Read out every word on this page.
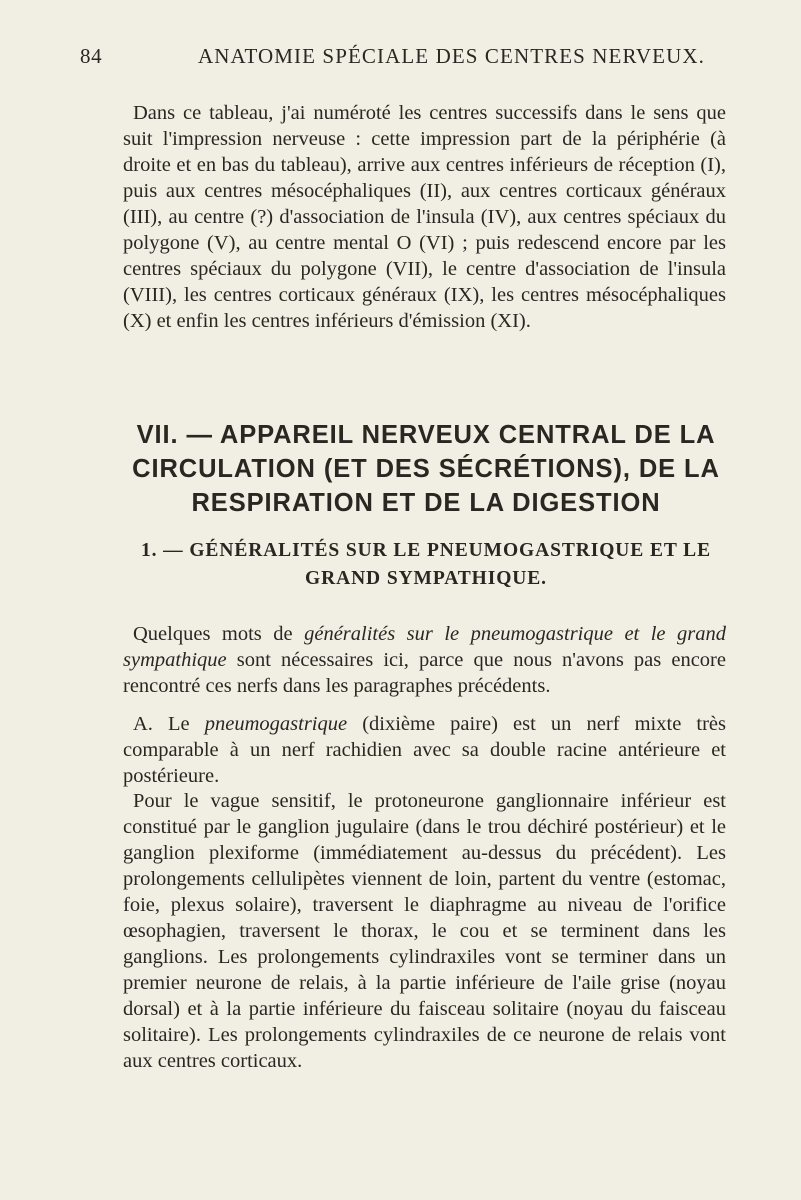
84	ANATOMIE SPÉCIALE DES CENTRES NERVEUX.

Dans ce tableau, j'ai numéroté les centres successifs dans le sens que suit l'impression nerveuse : cette impression part de la périphérie (à droite et en bas du tableau), arrive aux centres inférieurs de réception (I), puis aux centres mésocéphaliques (II), aux centres corticaux généraux (III), au centre (?) d'association de l'insula (IV), aux centres spéciaux du polygone (V), au centre mental O (VI) ; puis redescend encore par les centres spéciaux du polygone (VII), le centre d'association de l'insula (VIII), les centres corticaux généraux (IX), les centres mésocéphaliques (X) et enfin les centres inférieurs d'émission (XI).

VII. — APPAREIL NERVEUX CENTRAL DE LA CIRCULATION (ET DES SÉCRÉTIONS), DE LA RESPIRATION ET DE LA DIGESTION
1. — GÉNÉRALITÉS SUR LE PNEUMOGASTRIQUE ET LE GRAND SYMPATHIQUE.

Quelques mots de généralités sur le pneumogastrique et le grand sympathique sont nécessaires ici, parce que nous n'avons pas encore rencontré ces nerfs dans les paragraphes précédents.

A. Le pneumogastrique (dixième paire) est un nerf mixte très comparable à un nerf rachidien avec sa double racine antérieure et postérieure.

Pour le vague sensitif, le protoneurone ganglionnaire inférieur est constitué par le ganglion jugulaire (dans le trou déchiré postérieur) et le ganglion plexiforme (immédiatement au-dessus du précédent). Les prolongements cellulipètes viennent de loin, partent du ventre (estomac, foie, plexus solaire), traversent le diaphragme au niveau de l'orifice œsophagien, traversent le thorax, le cou et se terminent dans les ganglions. Les prolongements cylindraxiles vont se terminer dans un premier neurone de relais, à la partie inférieure de l'aile grise (noyau dorsal) et à la partie inférieure du faisceau solitaire (noyau du faisceau solitaire). Les prolongements cylindraxiles de ce neurone de relais vont aux centres corticaux.
